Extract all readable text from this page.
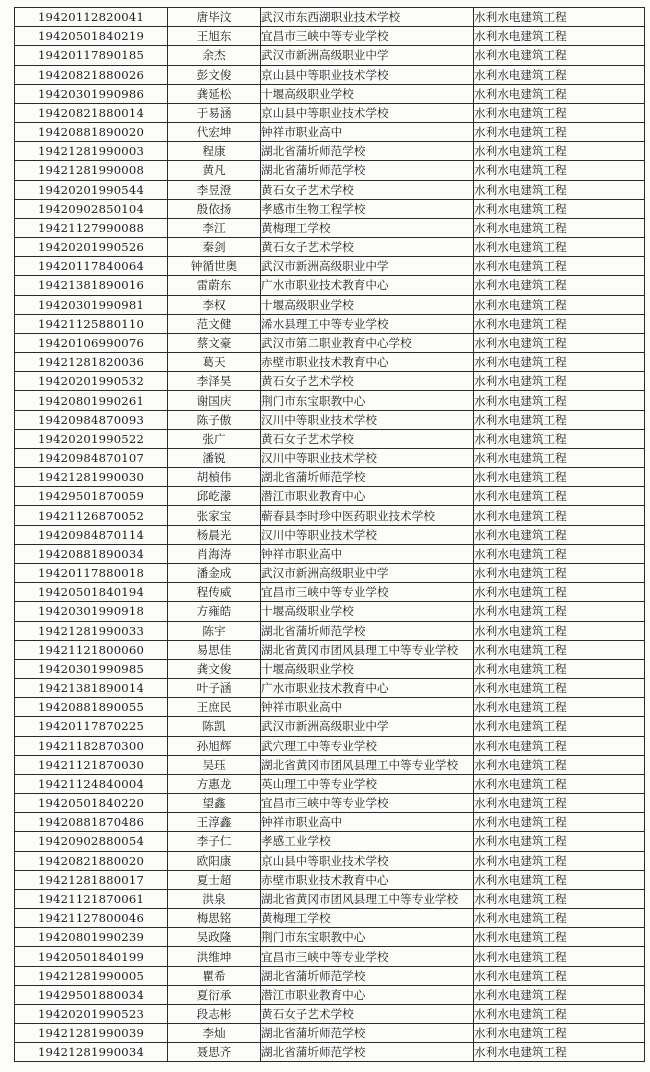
19420112820041	唐毕汶	武汉市东西湖职业技术学校	水利水电建筑工程
19420501840219	王旭东	宜昌市三峡中等专业学校	水利水电建筑工程
19420117890185	余杰	武汉市新洲高级职业中学	水利水电建筑工程
19420821880026	彭文俊	京山县中等职业技术学校	水利水电建筑工程
19420301990986	龚延松	十堰高级职业学校	水利水电建筑工程
19420821880014	于易涵	京山县中等职业技术学校	水利水电建筑工程
19420881890020	代宏坤	钟祥市职业高中	水利水电建筑工程
19421281990003	程康	湖北省蒲圻师范学校	水利水电建筑工程
19421281990008	黄凡	湖北省蒲圻师范学校	水利水电建筑工程
19420201990544	李昱澄	黄石女子艺术学校	水利水电建筑工程
19420902850104	殷依扬	孝感市生物工程学校	水利水电建筑工程
19421127990088	李江	黄梅理工学校	水利水电建筑工程
19420201990526	秦剑	黄石女子艺术学校	水利水电建筑工程
19420117840064	钟循世奥	武汉市新洲高级职业中学	水利水电建筑工程
19421381890016	雷蔚东	广水市职业技术教育中心	水利水电建筑工程
19420301990981	李权	十堰高级职业学校	水利水电建筑工程
19421125880110	范文健	浠水县理工中等专业学校	水利水电建筑工程
19420106990076	蔡文豪	武汉市第二职业教育中心学校	水利水电建筑工程
19421281820036	葛天	赤壁市职业技术教育中心	水利水电建筑工程
19420201990532	李泽昊	黄石女子艺术学校	水利水电建筑工程
19420801990261	谢国庆	荆门市东宝职教中心	水利水电建筑工程
19420984870093	陈子傲	汉川中等职业技术学校	水利水电建筑工程
19420201990522	张广	黄石女子艺术学校	水利水电建筑工程
19420984870107	潘锐	汉川中等职业技术学校	水利水电建筑工程
19421281990030	胡楨伟	湖北省蒲圻师范学校	水利水电建筑工程
19429501870059	邱屹濛	潜江市职业教育中心	水利水电建筑工程
19421126870052	张家宝	蕲春县李时珍中医药职业技术学校	水利水电建筑工程
19420984870114	杨晨光	汉川中等职业技术学校	水利水电建筑工程
19420881890034	肖海涛	钟祥市职业高中	水利水电建筑工程
19420117880018	潘金成	武汉市新洲高级职业中学	水利水电建筑工程
19420501840194	程传威	宜昌市三峡中等专业学校	水利水电建筑工程
19420301990918	方雍皓	十堰高级职业学校	水利水电建筑工程
19421281990033	陈宇	湖北省蒲圻师范学校	水利水电建筑工程
19421121800060	易思佳	湖北省黄冈市团风县理工中等专业学校	水利水电建筑工程
19420301990985	龚文俊	十堰高级职业学校	水利水电建筑工程
19421381890014	叶子涵	广水市职业技术教育中心	水利水电建筑工程
19420881890055	王庶民	钟祥市职业高中	水利水电建筑工程
19420117870225	陈凯	武汉市新洲高级职业中学	水利水电建筑工程
19421182870300	孙旭辉	武穴理工中等专业学校	水利水电建筑工程
19421121870030	吴珏	湖北省黄冈市团风县理工中等专业学校	水利水电建筑工程
19421124840004	方惠龙	英山理工中等专业学校	水利水电建筑工程
19420501840220	望鑫	宜昌市三峡中等专业学校	水利水电建筑工程
19420881870486	王淳鑫	钟祥市职业高中	水利水电建筑工程
19420902880054	李子仁	孝感工业学校	水利水电建筑工程
19420821880020	欧阳康	京山县中等职业技术学校	水利水电建筑工程
19421281880017	夏士超	赤壁市职业技术教育中心	水利水电建筑工程
19421121870061	洪泉	湖北省黄冈市团风县理工中等专业学校	水利水电建筑工程
19421127800046	梅思铭	黄梅理工学校	水利水电建筑工程
19420801990239	吴政隆	荆门市东宝职教中心	水利水电建筑工程
19420501840199	洪维坤	宜昌市三峡中等专业学校	水利水电建筑工程
19421281990005	瞿希	湖北省蒲圻师范学校	水利水电建筑工程
19429501880034	夏衍承	潜江市职业教育中心	水利水电建筑工程
19420201990523	段志彬	黄石女子艺术学校	水利水电建筑工程
19421281990039	李灿	湖北省蒲圻师范学校	水利水电建筑工程
19421281990034	聂思齐	湖北省蒲圻师范学校	水利水电建筑工程
